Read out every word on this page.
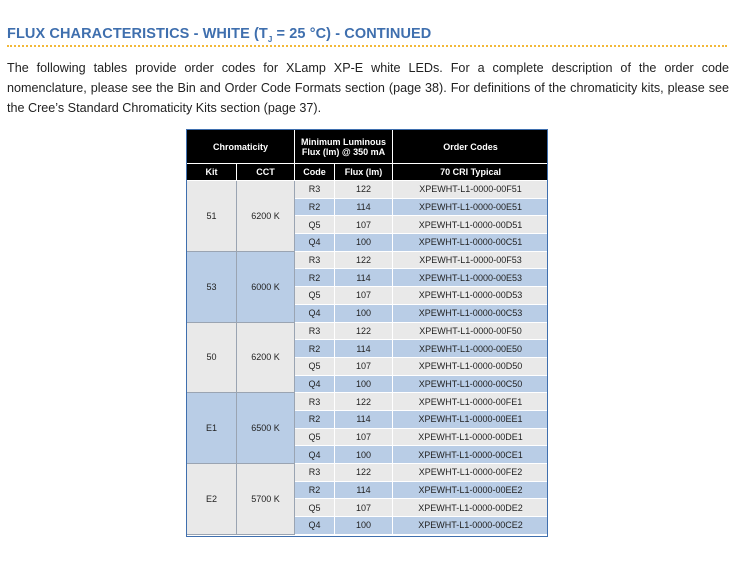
FLUX CHARACTERISTICS - WHITE ($T_J = 25$ °C) - CONTINUED

The following tables provide order codes for XLamp XP-E white LEDs. For a complete description of the order code nomenclature, please see the Bin and Order Code Formats section (page 38). For definitions of the chromaticity kits, please see the Cree’s Standard Chromaticity Kits section (page 37).

Chromaticity		Minimum Luminous Flux (lm) @ 350 mA		Order Codes
Kit	CCT	Code	Flux (lm)	70 CRI Typical
51	6200 K	R3	122	XPEWHT-L1-0000-00F51
		R2	114	XPEWHT-L1-0000-00E51
		Q5	107	XPEWHT-L1-0000-00D51
		Q4	100	XPEWHT-L1-0000-00C51
53	6000 K	R3	122	XPEWHT-L1-0000-00F53
		R2	114	XPEWHT-L1-0000-00E53
		Q5	107	XPEWHT-L1-0000-00D53
		Q4	100	XPEWHT-L1-0000-00C53
50	6200 K	R3	122	XPEWHT-L1-0000-00F50
		R2	114	XPEWHT-L1-0000-00E50
		Q5	107	XPEWHT-L1-0000-00D50
		Q4	100	XPEWHT-L1-0000-00C50
E1	6500 K	R3	122	XPEWHT-L1-0000-00FE1
		R2	114	XPEWHT-L1-0000-00EE1
		Q5	107	XPEWHT-L1-0000-00DE1
		Q4	100	XPEWHT-L1-0000-00CE1
E2	5700 K	R3	122	XPEWHT-L1-0000-00FE2
		R2	114	XPEWHT-L1-0000-00EE2
		Q5	107	XPEWHT-L1-0000-00DE2
		Q4	100	XPEWHT-L1-0000-00CE2
